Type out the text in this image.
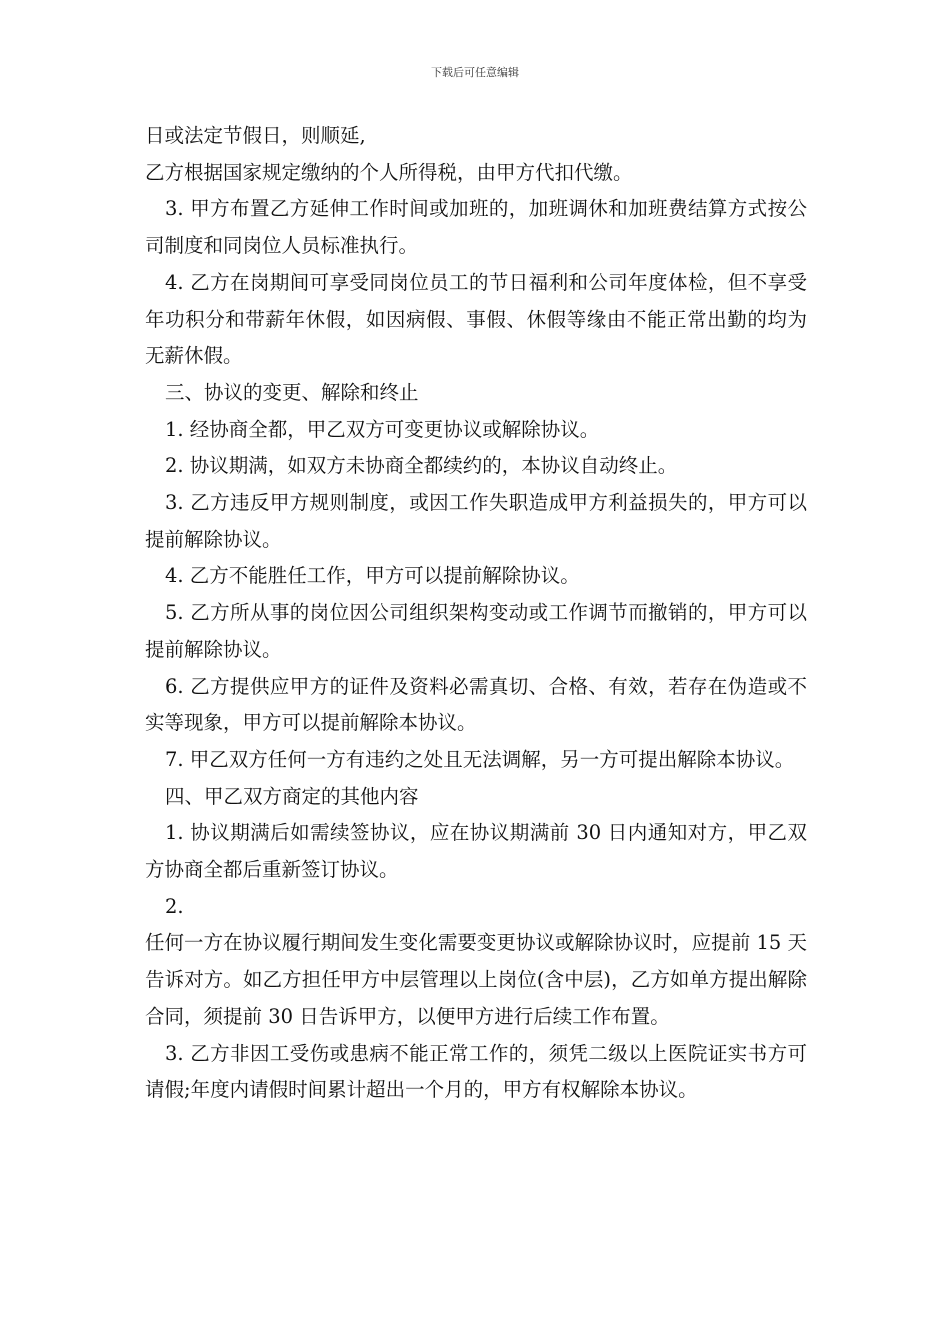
下载后可任意编辑

日或法定节假日，则顺延,

乙方根据国家规定缴纳的个人所得税，由甲方代扣代缴。

3. 甲方布置乙方延伸工作时间或加班的，加班调休和加班费结算方式按公司制度和同岗位人员标准执行。

4. 乙方在岗期间可享受同岗位员工的节日福利和公司年度体检，但不享受年功积分和带薪年休假，如因病假、事假、休假等缘由不能正常出勤的均为无薪休假。

三、协议的变更、解除和终止

1. 经协商全都，甲乙双方可变更协议或解除协议。

2. 协议期满，如双方未协商全都续约的，本协议自动终止。

3. 乙方违反甲方规则制度，或因工作失职造成甲方利益损失的，甲方可以提前解除协议。

4. 乙方不能胜任工作，甲方可以提前解除协议。

5. 乙方所从事的岗位因公司组织架构变动或工作调节而撤销的，甲方可以提前解除协议。

6. 乙方提供应甲方的证件及资料必需真切、合格、有效，若存在伪造或不实等现象，甲方可以提前解除本协议。

7. 甲乙双方任何一方有违约之处且无法调解，另一方可提出解除本协议。

四、甲乙双方商定的其他内容

1. 协议期满后如需续签协议，应在协议期满前 30 日内通知对方，甲乙双方协商全都后重新签订协议。

2.

任何一方在协议履行期间发生变化需要变更协议或解除协议时，应提前 15 天告诉对方。如乙方担任甲方中层管理以上岗位(含中层)，乙方如单方提出解除合同，须提前 30 日告诉甲方，以便甲方进行后续工作布置。

3. 乙方非因工受伤或患病不能正常工作的，须凭二级以上医院证实书方可请假;年度内请假时间累计超出一个月的，甲方有权解除本协议。
